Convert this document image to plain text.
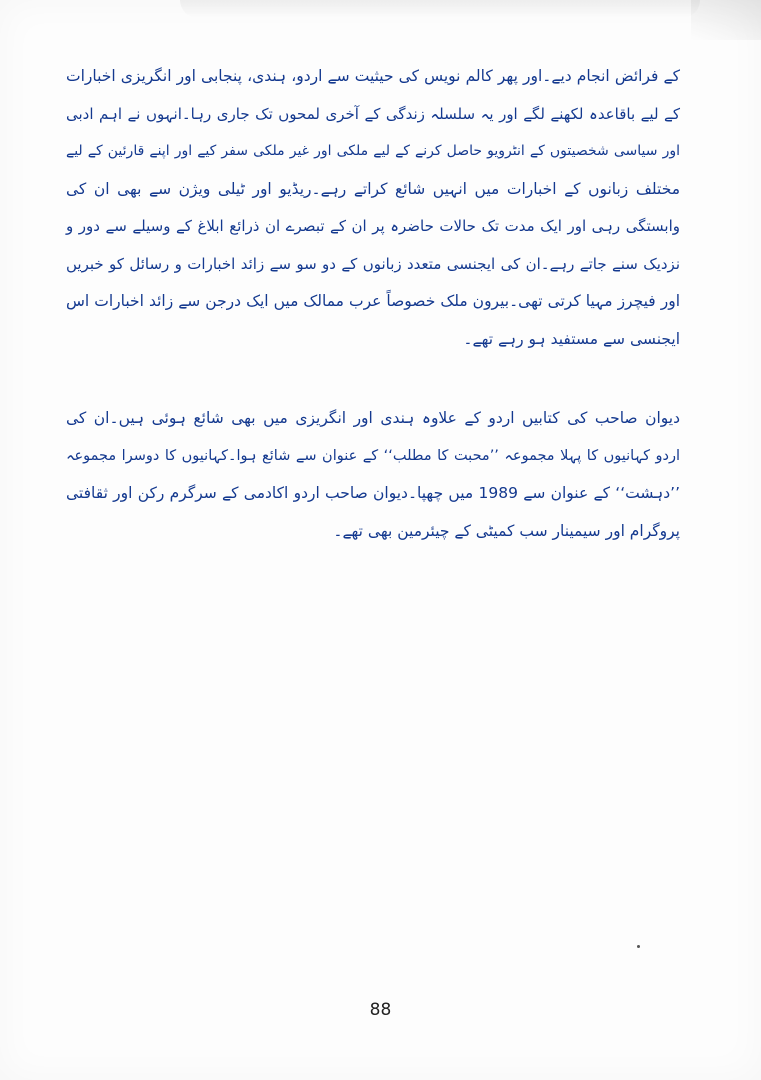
کے فرائض انجام دیے۔اور پھر کالم نویس کی حیثیت سے اردو، ہندی، پنجابی اور انگریزی اخبارات
کے لیے باقاعدہ لکھنے لگے اور یہ سلسلہ زندگی کے آخری لمحوں تک جاری رہا۔انہوں نے اہم ادبی
اور سیاسی شخصیتوں کے انٹرویو حاصل کرنے کے لیے ملکی اور غیر ملکی سفر کیے اور اپنے قارئین کے لیے
مختلف زبانوں کے اخبارات میں انہیں شائع کراتے رہے۔ریڈیو اور ٹیلی ویژن سے بھی ان کی
وابستگی رہی اور ایک مدت تک حالات حاضرہ پر ان کے تبصرے ان ذرائع ابلاغ کے وسیلے سے دور و
نزدیک سنے جاتے رہے۔ان کی ایجنسی متعدد زبانوں کے دو سو سے زائد اخبارات و رسائل کو خبریں
اور فیچرز مہیا کرتی تھی۔بیرون ملک خصوصاً عرب ممالک میں ایک درجن سے زائد اخبارات اس
ایجنسی سے مستفید ہو رہے تھے۔
دیوان صاحب کی کتابیں اردو کے علاوہ ہندی اور انگریزی میں بھی شائع ہوئی ہیں۔ان کی
اردو کہانیوں کا پہلا مجموعہ ’’محبت کا مطلب‘‘ کے عنوان سے شائع ہوا۔کہانیوں کا دوسرا مجموعہ
’’دہشت‘‘ کے عنوان سے 1989 میں چھپا۔دیوان صاحب اردو اکادمی کے سرگرم رکن اور ثقافتی
پروگرام اور سیمینار سب کمیٹی کے چیئرمین بھی تھے۔
88
